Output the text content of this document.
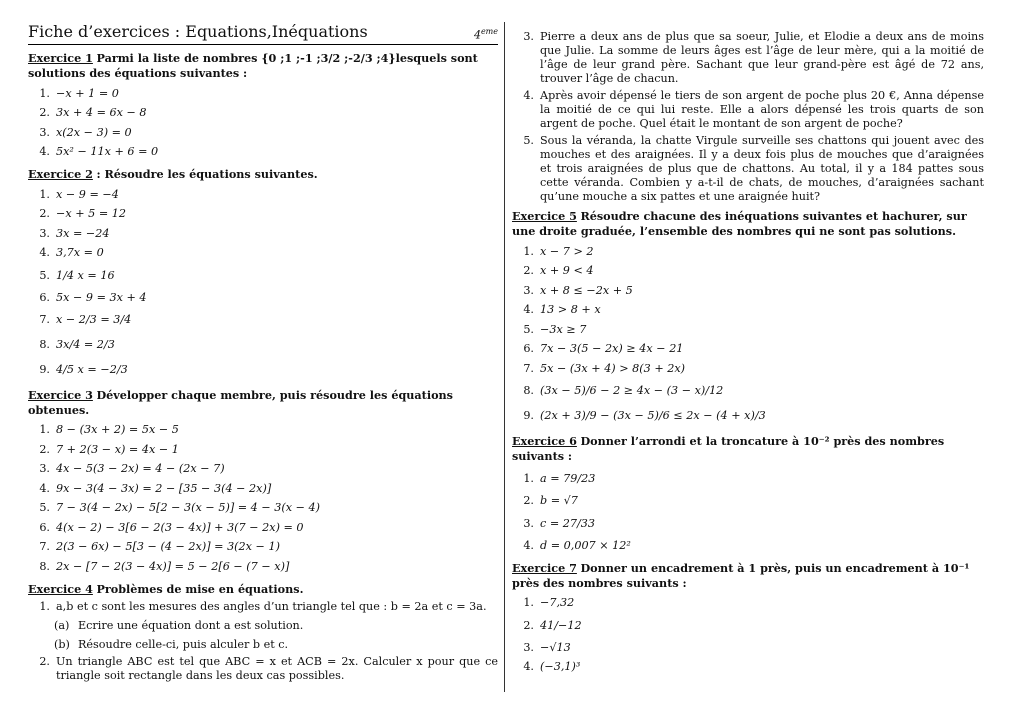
Fiche d’exercices : Equations,Inéquations	4eme
Exercice 1 Parmi la liste de nombres {0 ;1 ;-1 ;3/2 ;-2/3 ;4}lesquels sont solutions des équations suivantes :
1. −x + 1 = 0
2. 3x + 4 = 6x − 8
3. x(2x − 3) = 0
4. 5x² − 11x + 6 = 0
Exercice 2 : Résoudre les équations suivantes.
1. x − 9 = −4
2. −x + 5 = 12
3. 3x = −24
4. 3,7x = 0
5. 1/4 x = 16
6. 5x − 9 = 3x + 4
7. x − 2/3 = 3/4
8. 3x/4 = 2/3
9. 4/5 x = −2/3
Exercice 3 Développer chaque membre, puis résoudre les équations obtenues.
1. 8 − (3x + 2) = 5x − 5
2. 7 + 2(3 − x) = 4x − 1
3. 4x − 5(3 − 2x) = 4 − (2x − 7)
4. 9x − 3(4 − 3x) = 2 − [35 − 3(4 − 2x)]
5. 7 − 3(4 − 2x) − 5[2 − 3(x − 5)] = 4 − 3(x − 4)
6. 4(x − 2) − 3[6 − 2(3 − 4x)] + 3(7 − 2x) = 0
7. 2(3 − 6x) − 5[3 − (4 − 2x)] = 3(2x − 1)
8. 2x − [7 − 2(3 − 4x)] = 5 − 2[6 − (7 − x)]
Exercice 4 Problèmes de mise en équations.
1. a,b et c sont les mesures des angles d’un triangle tel que : b = 2a et c = 3a.
(a) Ecrire une équation dont a est solution.
(b) Résoudre celle-ci, puis alculer b et c.
2. Un triangle ABC est tel que ABC = x et ACB = 2x. Calculer x pour que ce triangle soit rectangle dans les deux cas possibles.
3. Pierre a deux ans de plus que sa soeur, Julie, et Elodie a deux ans de moins que Julie. La somme de leurs âges est l’âge de leur mère, qui a la moitié de l’âge de leur grand père. Sachant que leur grand-père est âgé de 72 ans, trouver l’âge de chacun.
4. Après avoir dépensé le tiers de son argent de poche plus 20 €, Anna dépense la moitié de ce qui lui reste. Elle a alors dépensé les trois quarts de son argent de poche. Quel était le montant de son argent de poche?
5. Sous la véranda, la chatte Virgule surveille ses chattons qui jouent avec des mouches et des araignées. Il y a deux fois plus de mouches que d’araignées et trois araignées de plus que de chattons. Au total, il y a 184 pattes sous cette véranda. Combien y a-t-il de chats, de mouches, d’araignées sachant qu’une mouche a six pattes et une araignée huit?
Exercice 5 Résoudre chacune des inéquations suivantes et hachurer, sur une droite graduée, l’ensemble des nombres qui ne sont pas solutions.
1. x − 7 > 2
2. x + 9 < 4
3. x + 8 ≤ −2x + 5
4. 13 > 8 + x
5. −3x ≥ 7
6. 7x − 3(5 − 2x) ≥ 4x − 21
7. 5x − (3x + 4) > 8(3 + 2x)
8. (3x − 5)/6 − 2 ≥ 4x − (3 − x)/12
9. (2x + 3)/9 − (3x − 5)/6 ≤ 2x − (4 + x)/3
Exercice 6 Donner l’arrondi et la troncature à 10⁻² près des nombres suivants :
1. a = 79/23
2. b = √7
3. c = 27/33
4. d = 0,007 × 12²
Exercice 7 Donner un encadrement à 1 près, puis un encadrement à 10⁻¹ près des nombres suivants :
1. −7,32
2. 41/−12
3. −√13
4. (−3,1)³
